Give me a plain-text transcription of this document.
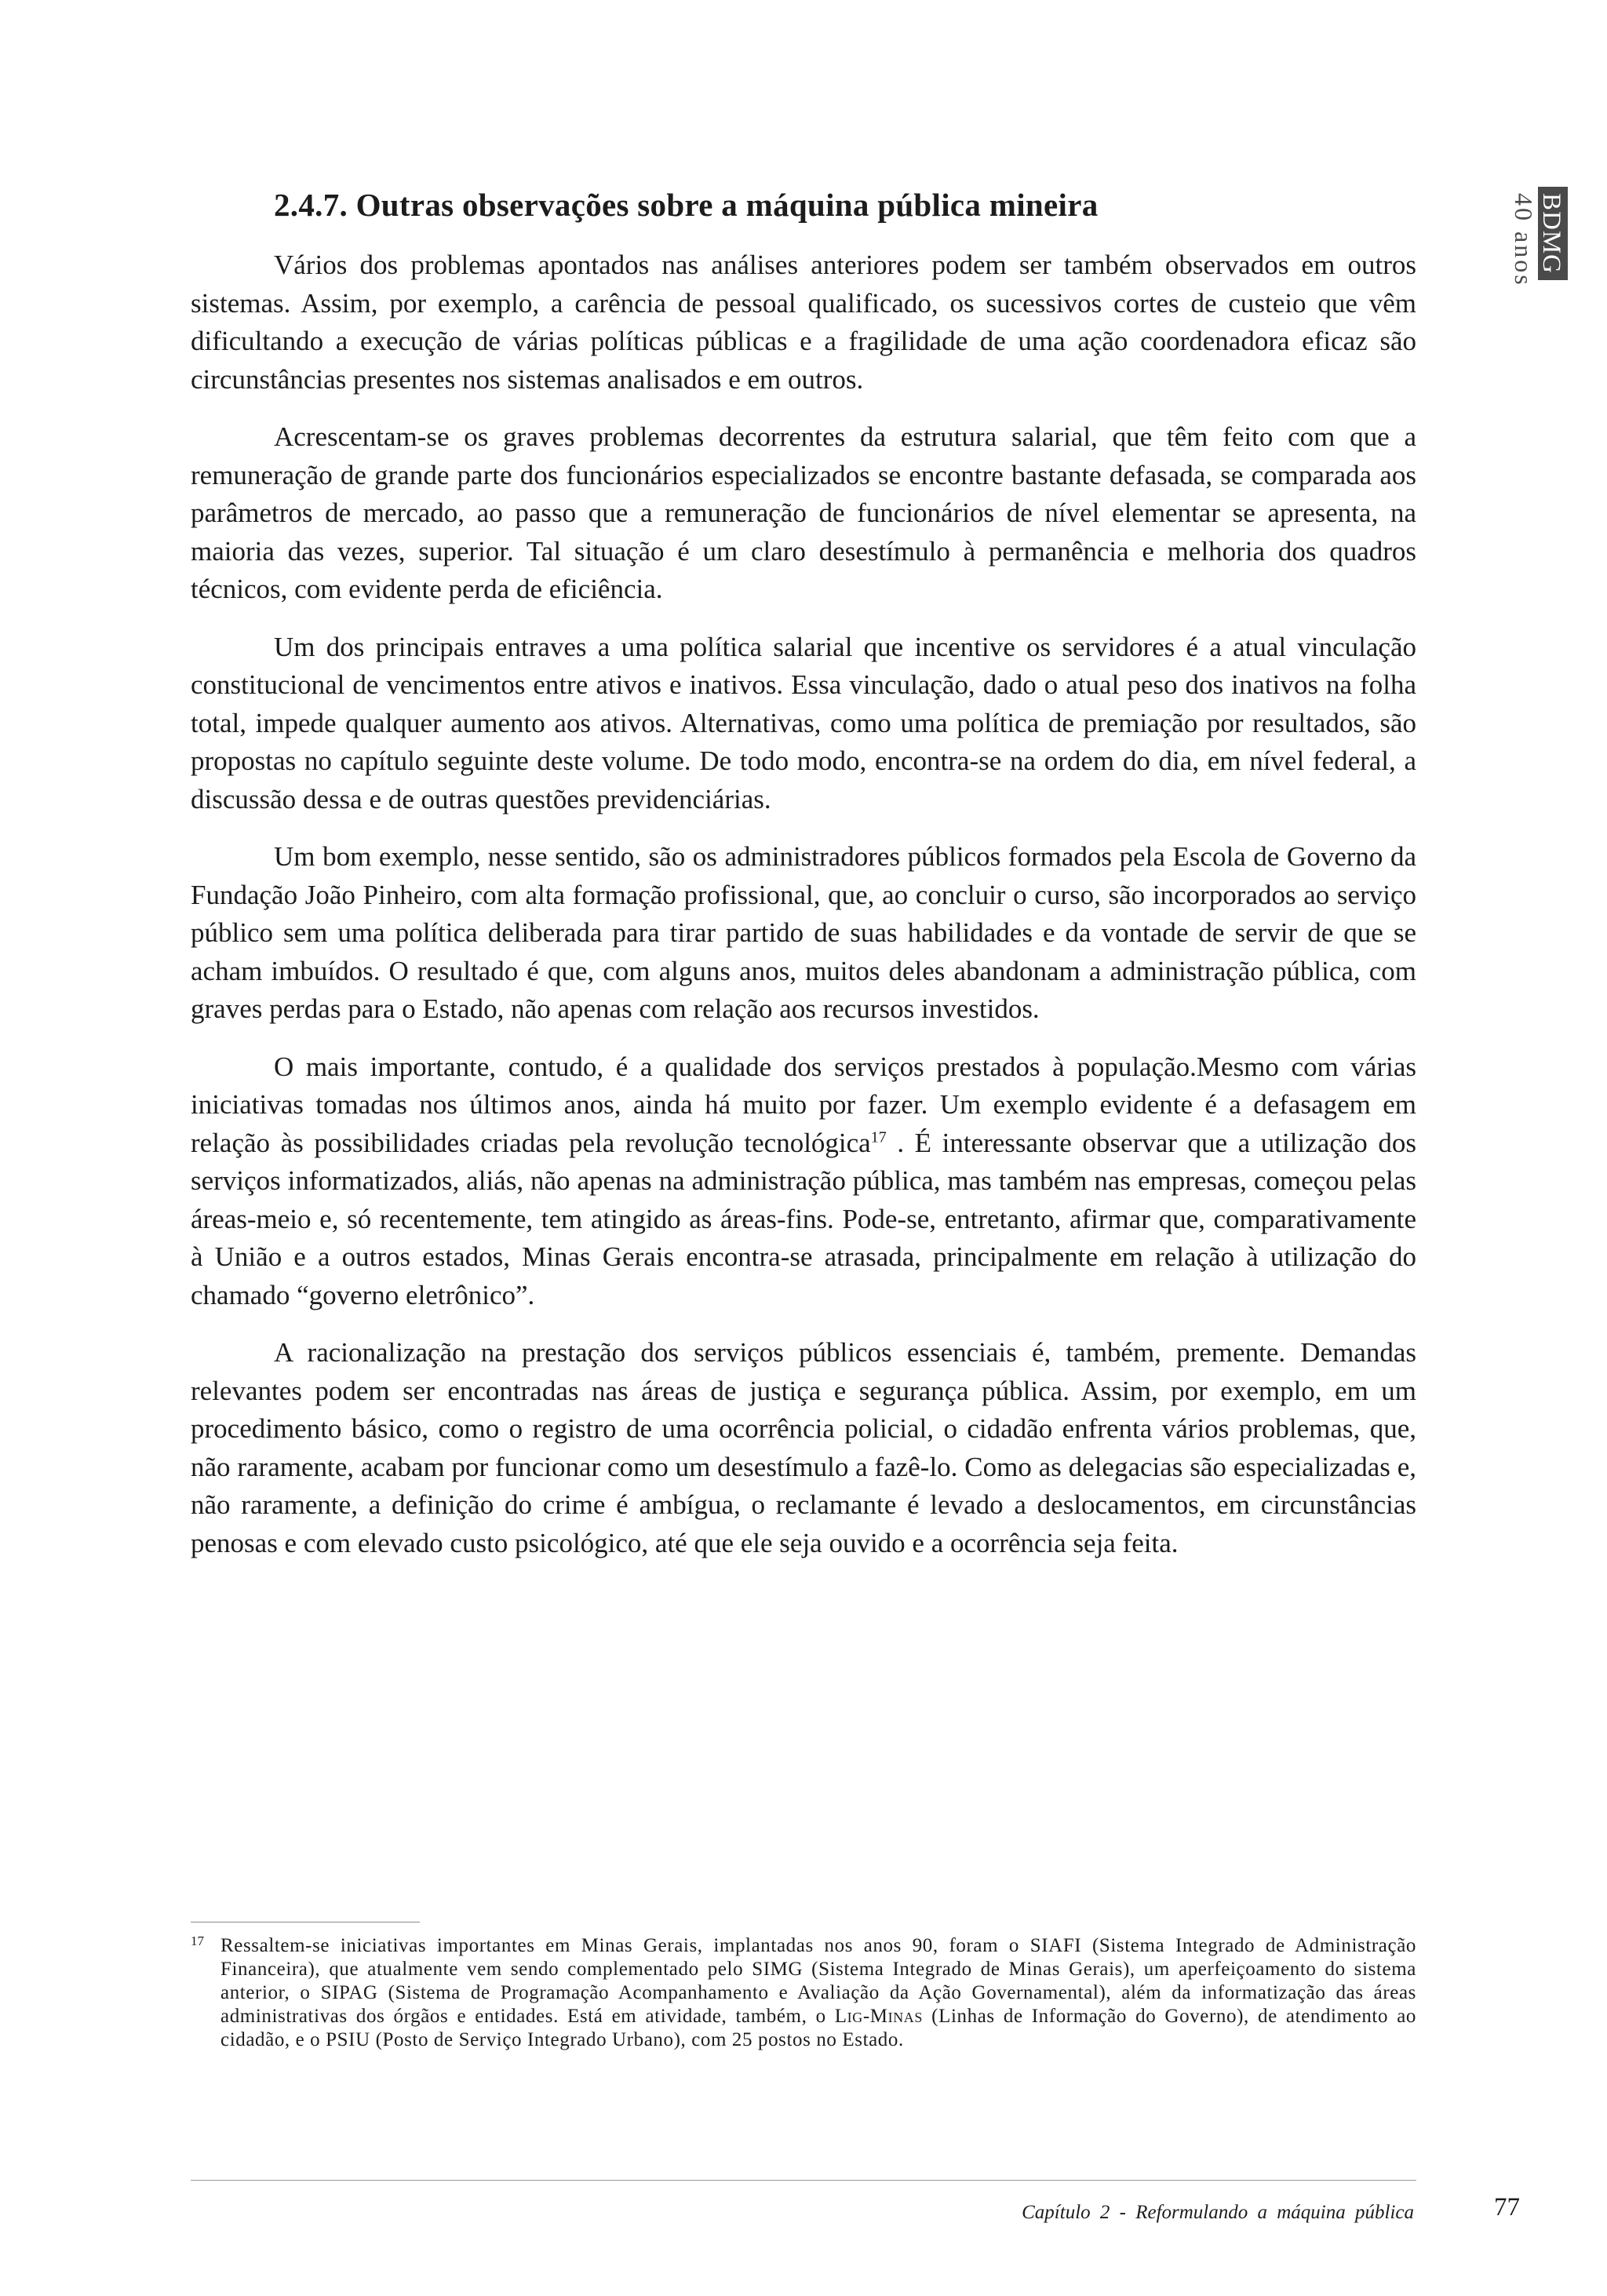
BDMG
40 anos
2.4.7. Outras observações sobre a máquina pública mineira

Vários dos problemas apontados nas análises anteriores podem ser também observados em outros sistemas. Assim, por exemplo, a carência de pessoal qualificado, os sucessivos cortes de custeio que vêm dificultando a execução de várias políticas públicas e a fragilidade de uma ação coordenadora eficaz são circunstâncias presentes nos sistemas analisados e em outros.

Acrescentam-se os graves problemas decorrentes da estrutura salarial, que têm feito com que a remuneração de grande parte dos funcionários especializados se encontre bastante defasada, se comparada aos parâmetros de mercado, ao passo que a remuneração de funcionários de nível elementar se apresenta, na maioria das vezes, superior. Tal situação é um claro desestímulo à permanência e melhoria dos quadros técnicos, com evidente perda de eficiência.

Um dos principais entraves a uma política salarial que incentive os servidores é a atual vinculação constitucional de vencimentos entre ativos e inativos. Essa vinculação, dado o atual peso dos inativos na folha total, impede qualquer aumento aos ativos. Alternativas, como uma política de premiação por resultados, são propostas no capítulo seguinte deste volume. De todo modo, encontra-se na ordem do dia, em nível federal, a discussão dessa e de outras questões previdenciárias.

Um bom exemplo, nesse sentido, são os administradores públicos formados pela Escola de Governo da Fundação João Pinheiro, com alta formação profissional, que, ao concluir o curso, são incorporados ao serviço público sem uma política deliberada para tirar partido de suas habilidades e da vontade de servir de que se acham imbuídos. O resultado é que, com alguns anos, muitos deles abandonam a administração pública, com graves perdas para o Estado, não apenas com relação aos recursos investidos.

O mais importante, contudo, é a qualidade dos serviços prestados à população.Mesmo com várias iniciativas tomadas nos últimos anos, ainda há muito por fazer. Um exemplo evidente é a defasagem em relação às possibilidades criadas pela revolução tecnológica$^{17}$ . É interessante observar que a utilização dos serviços informatizados, aliás, não apenas na administração pública, mas também nas empresas, começou pelas áreas-meio e, só recentemente, tem atingido as áreas-fins. Pode-se, entretanto, afirmar que, comparativamente à União e a outros estados, Minas Gerais encontra-se atrasada, principalmente em relação à utilização do chamado “governo eletrônico”.

A racionalização na prestação dos serviços públicos essenciais é, também, premente. Demandas relevantes podem ser encontradas nas áreas de justiça e segurança pública. Assim, por exemplo, em um procedimento básico, como o registro de uma ocorrência policial, o cidadão enfrenta vários problemas, que, não raramente, acabam por funcionar como um desestímulo a fazê-lo. Como as delegacias são especializadas e, não raramente, a definição do crime é ambígua, o reclamante é levado a deslocamentos, em circunstâncias penosas e com elevado custo psicológico, até que ele seja ouvido e a ocorrência seja feita.

17 Ressaltem-se iniciativas importantes em Minas Gerais, implantadas nos anos 90, foram o SIAFI (Sistema Integrado de Administração Financeira), que atualmente vem sendo complementado pelo SIMG (Sistema Integrado de Minas Gerais), um aperfeiçoamento do sistema anterior, o SIPAG (Sistema de Programação Acompanhamento e Avaliação da Ação Governamental), além da informatização das áreas administrativas dos órgãos e entidades. Está em atividade, também, o Lig-Minas (Linhas de Informação do Governo), de atendimento ao cidadão, e o PSIU (Posto de Serviço Integrado Urbano), com 25 postos no Estado.
Capítulo 2 - Reformulando a máquina pública	77
